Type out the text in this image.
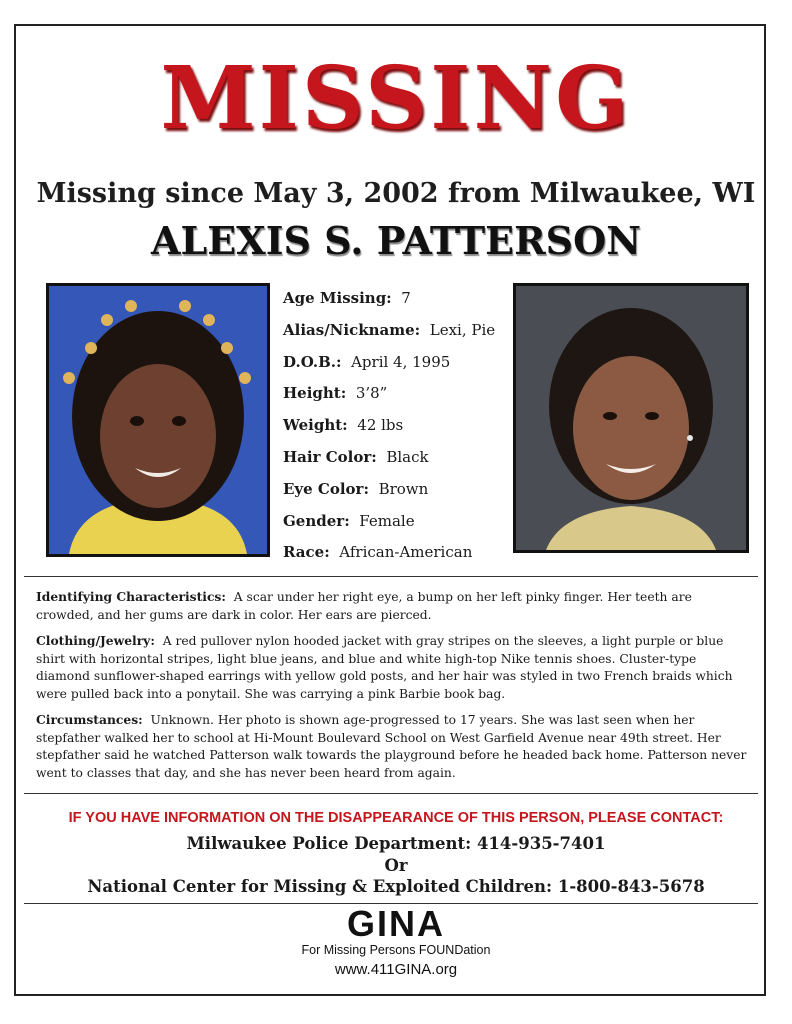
MISSING
Missing since May 3, 2002 from Milwaukee, WI
ALEXIS S. PATTERSON
Age Missing: 7
Alias/Nickname: Lexi, Pie
D.O.B.: April 4, 1995
Height: 3’8”
Weight: 42 lbs
Hair Color: Black
Eye Color: Brown
Gender: Female
Race: African-American

Identifying Characteristics: A scar under her right eye, a bump on her left pinky finger. Her teeth are crowded, and her gums are dark in color. Her ears are pierced.

Clothing/Jewelry: A red pullover nylon hooded jacket with gray stripes on the sleeves, a light purple or blue shirt with horizontal stripes, light blue jeans, and blue and white high-top Nike tennis shoes. Cluster-type diamond sunflower-shaped earrings with yellow gold posts, and her hair was styled in two French braids which were pulled back into a ponytail. She was carrying a pink Barbie book bag.

Circumstances: Unknown. Her photo is shown age-progressed to 17 years. She was last seen when her stepfather walked her to school at Hi-Mount Boulevard School on West Garfield Avenue near 49th street. Her stepfather said he watched Patterson walk towards the playground before he headed back home. Patterson never went to classes that day, and she has never been heard from again.

IF YOU HAVE INFORMATION ON THE DISAPPEARANCE OF THIS PERSON, PLEASE CONTACT:
Milwaukee Police Department: 414-935-7401
Or
National Center for Missing & Exploited Children: 1-800-843-5678
GINA
For Missing Persons FOUNDation
www.411GINA.org
